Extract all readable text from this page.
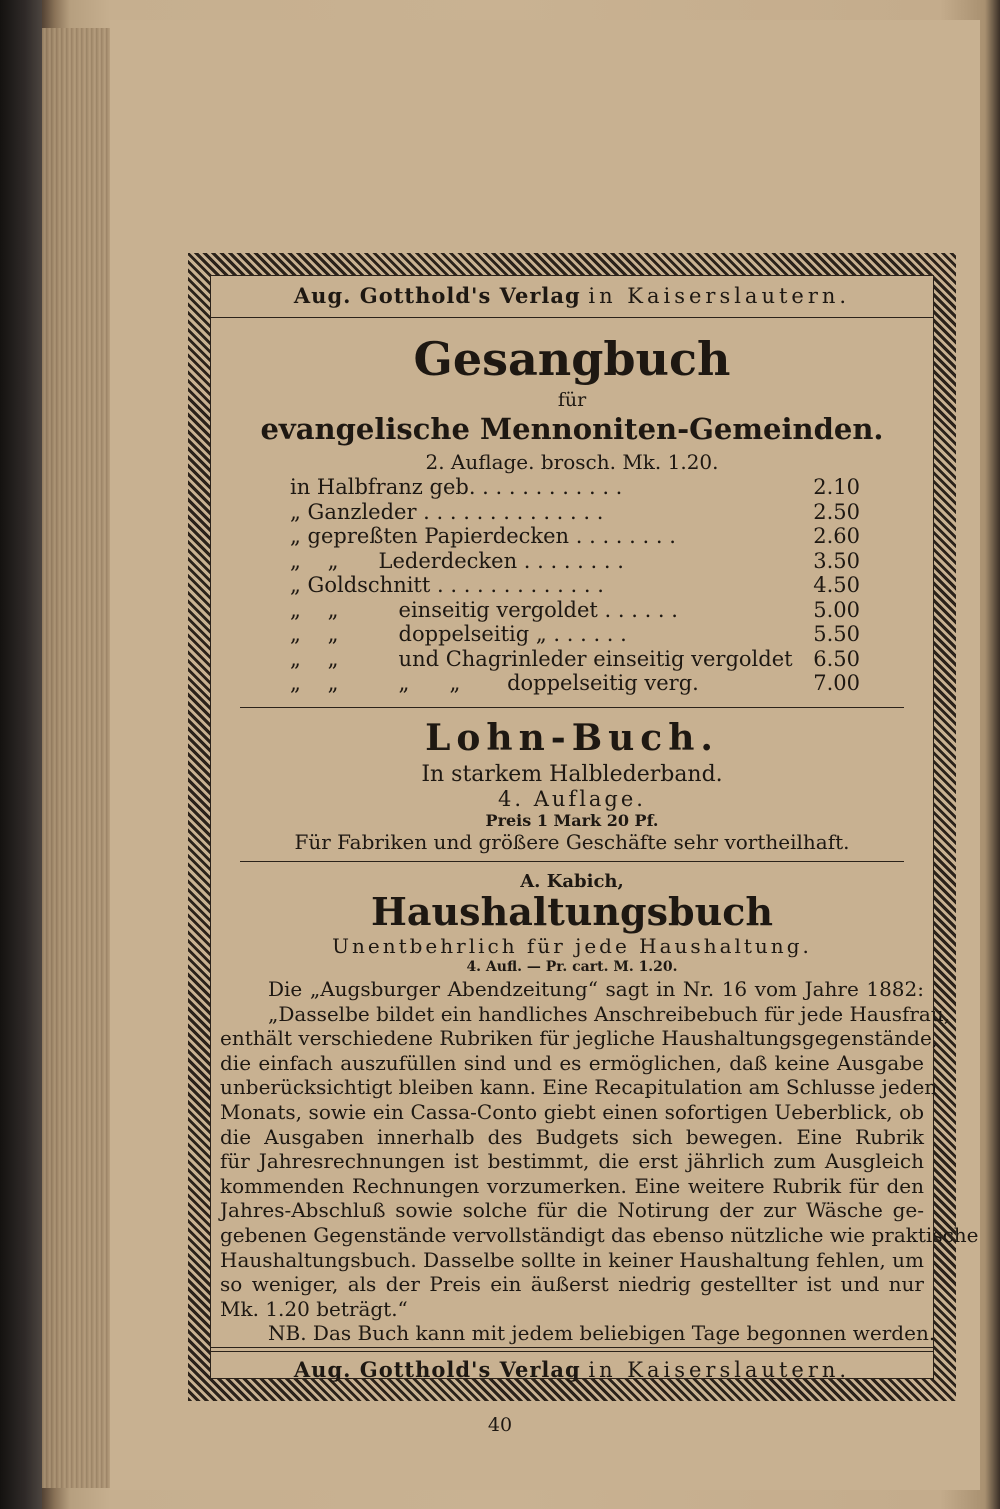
Aug. Gotthold's Verlag in Kaiserslautern.
Gesangbuch
für
evangelische Mennoniten-Gemeinden.
2. Auflage. brosch. Mk. 1.20.
in Halbfranz geb. . . . . . . . . . . .	2.10
„ Ganzleder . . . . . . . . . . . . . .	2.50
„ gepreßten Papierdecken . . . . . . . .	2.60
„    „      Lederdecken . . . . . . . .	3.50
„ Goldschnitt . . . . . . . . . . . . .	4.50
„    „         einseitig vergoldet . . . . . .	5.00
„    „         doppelseitig „ . . . . . .	5.50
„    „         und Chagrinleder einseitig vergoldet 6.50
„    „         „      „       doppelseitig verg.	7.00
Lohn-Buch.
In starkem Halblederband.
4. Auflage.
Preis 1 Mark 20 Pf.
Für Fabriken und größere Geschäfte sehr vortheilhaft.
A. Kabich,
Haushaltungsbuch
Unentbehrlich für jede Haushaltung.
4. Aufl. — Pr. cart. M. 1.20.
Die „Augsburger Abendzeitung“ sagt in Nr. 16 vom Jahre 1882:
„Dasselbe bildet ein handliches Anschreibebuch für jede Hausfrau,
enthält verschiedene Rubriken für jegliche Haushaltungsgegenstände,
die einfach auszufüllen sind und es ermöglichen, daß keine Ausgabe
unberücksichtigt bleiben kann. Eine Recapitulation am Schlusse jeden
Monats, sowie ein Cassa-Conto giebt einen sofortigen Ueberblick, ob
die Ausgaben innerhalb des Budgets sich bewegen. Eine Rubrik
für Jahresrechnungen ist bestimmt, die erst jährlich zum Ausgleich
kommenden Rechnungen vorzumerken. Eine weitere Rubrik für den
Jahres-Abschluß sowie solche für die Notirung der zur Wäsche ge-
gebenen Gegenstände vervollständigt das ebenso nützliche wie praktische
Haushaltungsbuch. Dasselbe sollte in keiner Haushaltung fehlen, um
so weniger, als der Preis ein äußerst niedrig gestellter ist und nur
Mk. 1.20 beträgt.“
NB. Das Buch kann mit jedem beliebigen Tage begonnen werden.
Aug. Gotthold's Verlag in Kaiserslautern.
40
